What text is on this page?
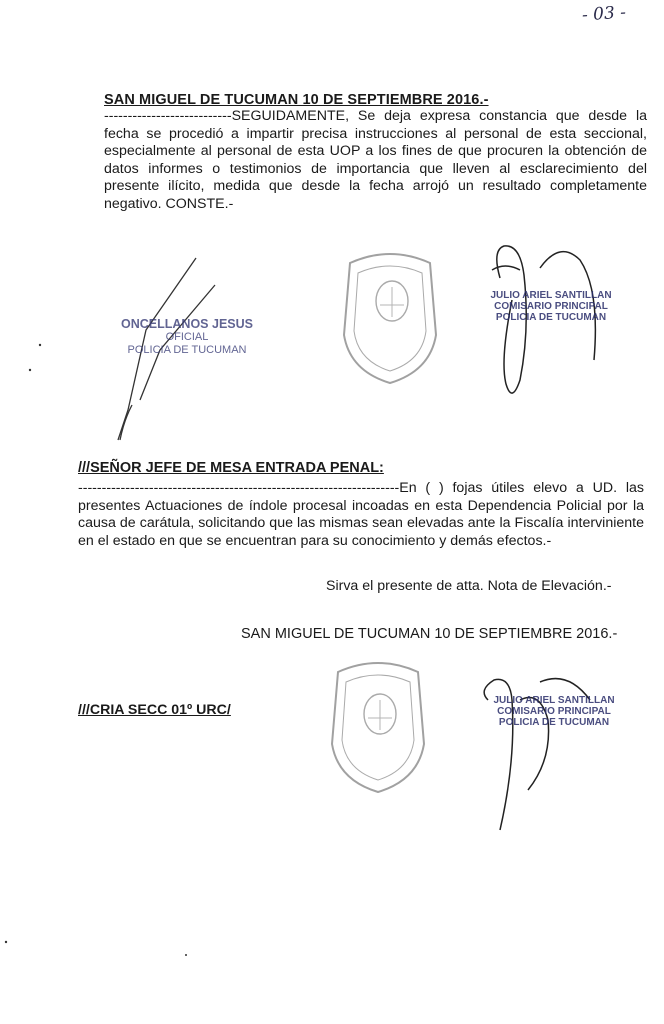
- 03 -
SAN MIGUEL DE TUCUMAN 10 DE SEPTIEMBRE 2016.-

---------------------------SEGUIDAMENTE, Se deja expresa constancia que desde la fecha se procedió a impartir precisa instrucciones al personal de esta seccional, especialmente al personal de esta UOP a los fines de que procuren la obtención de datos informes o testimonios de importancia que lleven al esclarecimiento del presente ilícito, medida que desde la fecha arrojó un resultado completamente negativo. CONSTE.-

ONCELLANOS JESUS
OFICIAL
POLICIA DE TUCUMAN
JULIO ARIEL SANTILLAN
COMISARIO PRINCIPAL
POLICIA DE TUCUMAN
///SEÑOR JEFE DE MESA ENTRADA PENAL:

--------------------------------------------------------------------En ( ) fojas útiles elevo a UD. las presentes Actuaciones de índole procesal incoadas en esta Dependencia Policial por la causa de carátula, solicitando que las mismas sean elevadas ante la Fiscalía interviniente en el estado en que se encuentran para su conocimiento y demás efectos.-

Sirva el presente de atta. Nota de Elevación.-
SAN MIGUEL DE TUCUMAN 10 DE SEPTIEMBRE 2016.-
///CRIA SECC 01º URC/
JULIO ARIEL SANTILLAN
COMISARIO PRINCIPAL
POLICIA DE TUCUMAN
